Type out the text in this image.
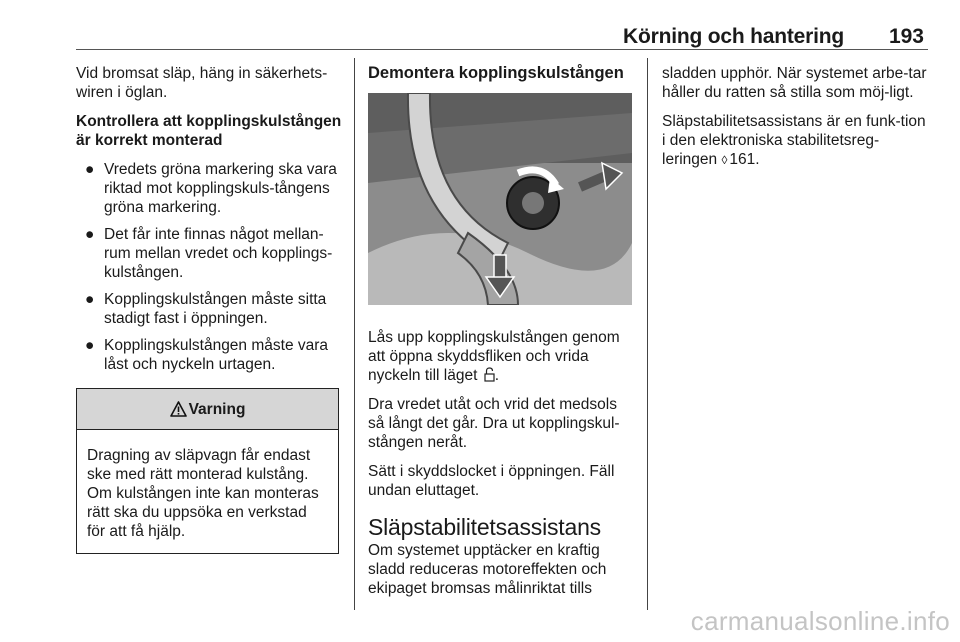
Körning och hantering 193

Vid bromsat släp, häng in säkerhets-wiren i öglan.

Kontrollera att kopplingskulstången är korrekt monterad

● Vredets gröna markering ska vara riktad mot kopplingskuls-tångens gröna markering.
● Det får inte finnas något mellan-rum mellan vredet och kopplings-kulstången.
● Kopplingskulstången måste sitta stadigt fast i öppningen.
● Kopplingskulstången måste vara låst och nyckeln urtagen.
Varning
Dragning av släpvagn får endast ske med rätt monterad kulstång. Om kulstången inte kan monteras rätt ska du uppsöka en verkstad för att få hjälp.
Demontera kopplingskulstången

Lås upp kopplingskulstången genom att öppna skyddsfliken och vrida nyckeln till läget .

Dra vredet utåt och vrid det medsols så långt det går. Dra ut kopplingskul-stången neråt.

Sätt i skyddslocket i öppningen. Fäll undan eluttaget.

Släpstabilitetsassistans

Om systemet upptäcker en kraftig sladd reduceras motoreffekten och ekipaget bromsas målinriktat tills

sladden upphör. När systemet arbe-tar håller du ratten så stilla som möj-ligt.

Släpstabilitetsassistans är en funk-tion i den elektroniska stabilitetsreg-leringen ◊ 161.

carmanualsonline.info
